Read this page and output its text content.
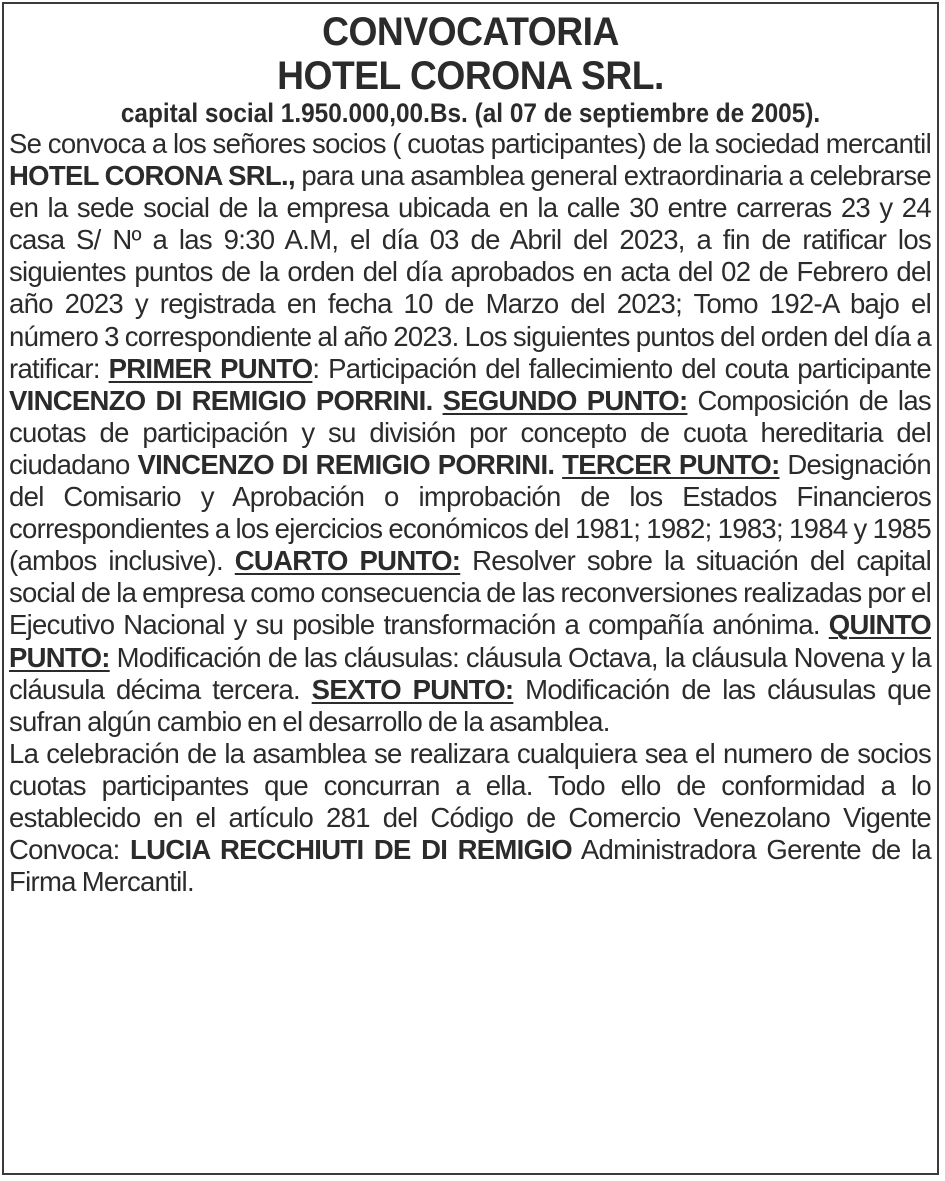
CONVOCATORIA
HOTEL CORONA SRL.
capital social 1.950.000,00.Bs. (al 07 de septiembre de 2005).

Se convoca a los señores socios ( cuotas participantes) de la sociedad mercantil HOTEL CORONA SRL., para una asamblea general extraordinaria a celebrarse en la sede social de la empresa ubicada en la calle 30 entre carreras 23 y 24 casa S/ Nº a las 9:30 A.M, el día 03 de Abril del 2023, a fin de ratificar los siguientes puntos de la orden del día aprobados en acta del 02 de Febrero del año 2023 y registrada en fecha 10 de Marzo del 2023; Tomo 192-A bajo el número 3 correspondiente al año 2023. Los siguientes puntos del orden del día a ratificar: PRIMER PUNTO: Participación del fallecimiento del couta participante VINCENZO DI REMIGIO PORRINI. SEGUNDO PUNTO: Composición de las cuotas de participación y su división por concepto de cuota hereditaria del ciudadano VINCENZO DI REMIGIO PORRINI. TERCER PUNTO: Designación del Comisario y Aprobación o improbación de los Estados Financieros correspondientes a los ejercicios económicos del 1981; 1982; 1983; 1984 y 1985 (ambos inclusive). CUARTO PUNTO: Resolver sobre la situación del capital social de la empresa como consecuencia de las reconversiones realizadas por el Ejecutivo Nacional y su posible transformación a compañía anónima. QUINTO PUNTO: Modificación de las cláusulas: cláusula Octava, la cláusula Novena y la cláusula décima tercera. SEXTO PUNTO: Modificación de las cláusulas que sufran algún cambio en el desarrollo de la asamblea.

La celebración de la asamblea se realizara cualquiera sea el numero de socios cuotas participantes que concurran a ella. Todo ello de conformidad a lo establecido en el artículo 281 del Código de Comercio Venezolano Vigente Convoca: LUCIA RECCHIUTI DE DI REMIGIO Administradora Gerente de la Firma Mercantil.
